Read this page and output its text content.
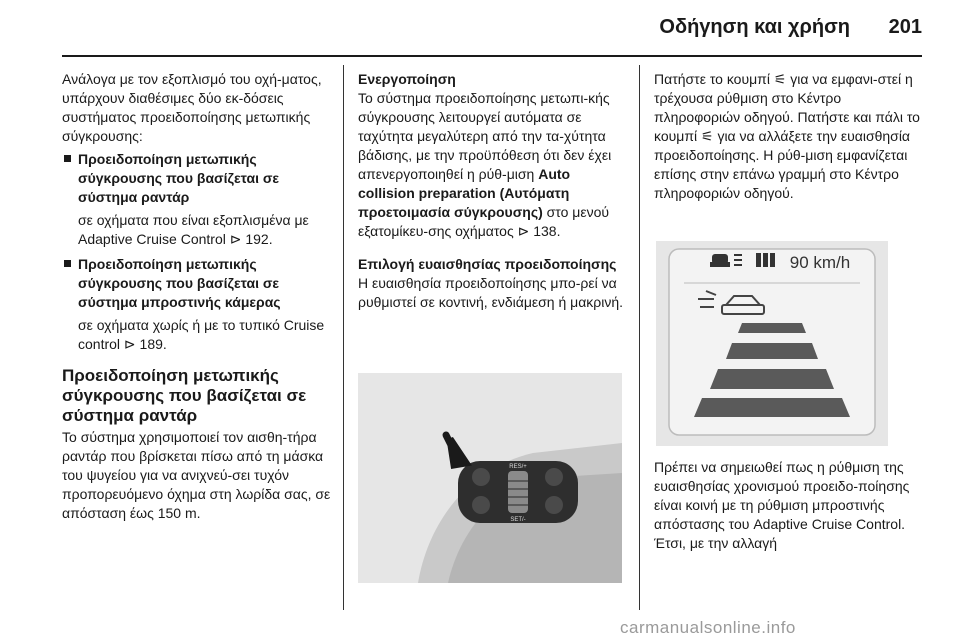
Οδήγηση και χρήση	201

Ανάλογα με τον εξοπλισμό του οχή-ματος, υπάρχουν διαθέσιμες δύο εκ-δόσεις συστήματος προειδοποίησης μετωπικής σύγκρουσης:

Προειδοποίηση μετωπικής σύγκρουσης που βασίζεται σε σύστημα ραντάρ
σε οχήματα που είναι εξοπλισμένα με Adaptive Cruise Control ⊳ 192.
Προειδοποίηση μετωπικής σύγκρουσης που βασίζεται σε σύστημα μπροστινής κάμερας
σε οχήματα χωρίς ή με το τυπικό Cruise control ⊳ 189.
Προειδοποίηση μετωπικής σύγκρουσης που βασίζεται σε σύστημα ραντάρ

Το σύστημα χρησιμοποιεί τον αισθη-τήρα ραντάρ που βρίσκεται πίσω από τη μάσκα του ψυγείου για να ανιχνεύ-σει τυχόν προπορευόμενο όχημα στη λωρίδα σας, σε απόσταση έως 150 m.

Ενεργοποίηση

Το σύστημα προειδοποίησης μετωπι-κής σύγκρουσης λειτουργεί αυτόματα σε ταχύτητα μεγαλύτερη από την τα-χύτητα βάδισης, με την προϋπόθεση ότι δεν έχει απενεργοποιηθεί η ρύθ-μιση Auto collision preparation (Αυτόματη προετοιμασία σύγκρουσης) στο μενού εξατομίκευ-σης οχήματος ⊳ 138.

Επιλογή ευαισθησίας προειδοποίησης

Η ευαισθησία προειδοποίησης μπο-ρεί να ρυθμιστεί σε κοντινή, ενδιάμεση ή μακρινή.

RES/+
SET/-

Πατήστε το κουμπί ⚟ για να εμφανι-στεί η τρέχουσα ρύθμιση στο Κέντρο πληροφοριών οδηγού. Πατήστε και πάλι το κουμπί ⚟ για να αλλάξετε την ευαισθησία προειδοποίησης. Η ρύθ-μιση εμφανίζεται επίσης στην επάνω γραμμή στο Κέντρο πληροφοριών οδηγού.

90 km/h

Πρέπει να σημειωθεί πως η ρύθμιση της ευαισθησίας χρονισμού προειδο-ποίησης είναι κοινή με τη ρύθμιση μπροστινής απόστασης του Adaptive Cruise Control. Έτσι, με την αλλαγή

carmanualsonline.info
